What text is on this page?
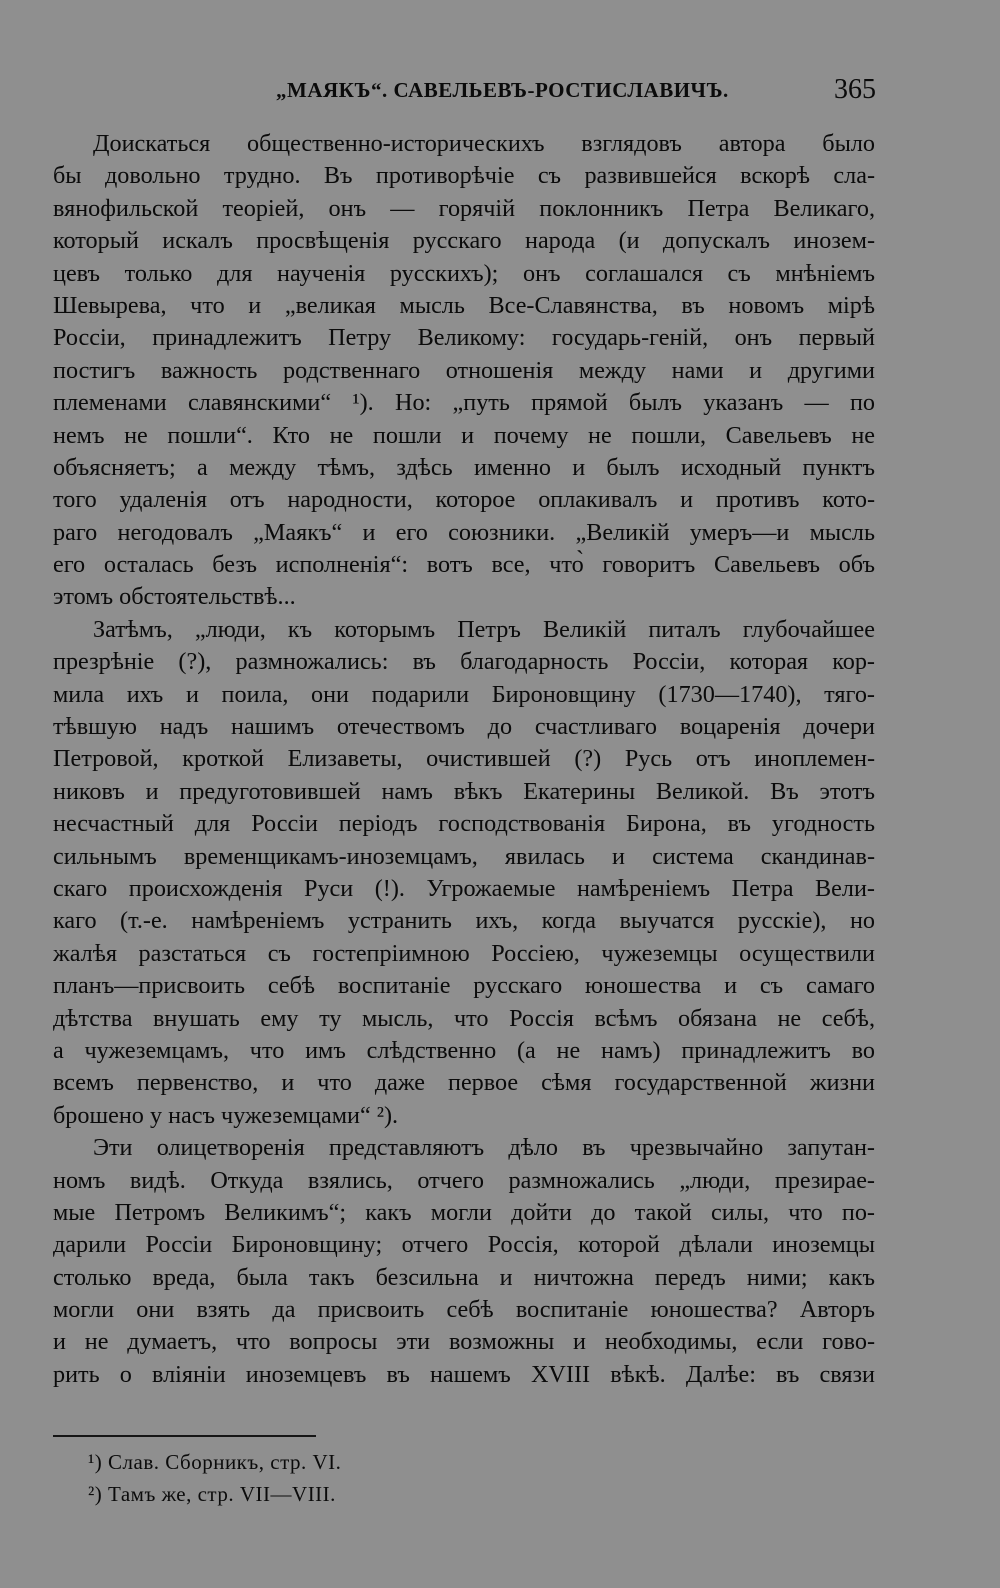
„МАЯКЪ“. САВЕЛЬЕВЪ-РОСТИСЛАВИЧЪ.	365
Доискаться общественно-историческихъ взглядовъ автора было
бы довольно трудно. Въ противорѣчіе съ развившейся вскорѣ сла-
вянофильской теоріей, онъ — горячій поклонникъ Петра Великаго,
который искалъ просвѣщенія русскаго народа (и допускалъ инозем-
цевъ только для наученія русскихъ); онъ соглашался съ мнѣніемъ
Шевырева, что и „великая мысль Все-Славянства, въ новомъ мірѣ
Россіи, принадлежитъ Петру Великому: государь-геній, онъ первый
постигъ важность родственнаго отношенія между нами и другими
племенами славянскими“ ¹). Но: „путь прямой былъ указанъ — по
немъ не пошли“. Кто не пошли и почему не пошли, Савельевъ не
объясняетъ; а между тѣмъ, здѣсь именно и былъ исходный пунктъ
того удаленія отъ народности, которое оплакивалъ и противъ кото-
раго негодовалъ „Маякъ“ и его союзники. „Великій умеръ—и мысль
его осталась безъ исполненія“: вотъ все, что̀ говоритъ Савельевъ объ
этомъ обстоятельствѣ...
Затѣмъ, „люди, къ которымъ Петръ Великій питалъ глубочайшее
презрѣніе (?), размножались: въ благодарность Россіи, которая кор-
мила ихъ и поила, они подарили Бироновщину (1730—1740), тяго-
тѣвшую надъ нашимъ отечествомъ до счастливаго воцаренія дочери
Петровой, кроткой Елизаветы, очистившей (?) Русь отъ иноплемен-
никовъ и предуготовившей намъ вѣкъ Екатерины Великой. Въ этотъ
несчастный для Россіи періодъ господствованія Бирона, въ угодность
сильнымъ временщикамъ-иноземцамъ, явилась и система скандинав-
скаго происхожденія Руси (!). Угрожаемые намѣреніемъ Петра Вели-
каго (т.-е. намѣреніемъ устранить ихъ, когда выучатся русскіе), но
жалѣя разстаться съ гостепріимною Россіею, чужеземцы осуществили
планъ—присвоить себѣ воспитаніе русскаго юношества и съ самаго
дѣтства внушать ему ту мысль, что Россія всѣмъ обязана не себѣ,
а чужеземцамъ, что имъ слѣдственно (а не намъ) принадлежитъ во
всемъ первенство, и что даже первое сѣмя государственной жизни
брошено у насъ чужеземцами“ ²).
Эти олицетворенія представляютъ дѣло въ чрезвычайно запутан-
номъ видѣ. Откуда взялись, отчего размножались „люди, презирае-
мые Петромъ Великимъ“; какъ могли дойти до такой силы, что по-
дарили Россіи Бироновщину; отчего Россія, которой дѣлали иноземцы
столько вреда, была такъ безсильна и ничтожна передъ ними; какъ
могли они взять да присвоить себѣ воспитаніе юношества? Авторъ
и не думаетъ, что вопросы эти возможны и необходимы, если гово-
рить о вліяніи иноземцевъ въ нашемъ XVIII вѣкѣ. Далѣе: въ связи
¹) Слав. Сборникъ, стр. VI.
²) Тамъ же, стр. VII—VIII.
